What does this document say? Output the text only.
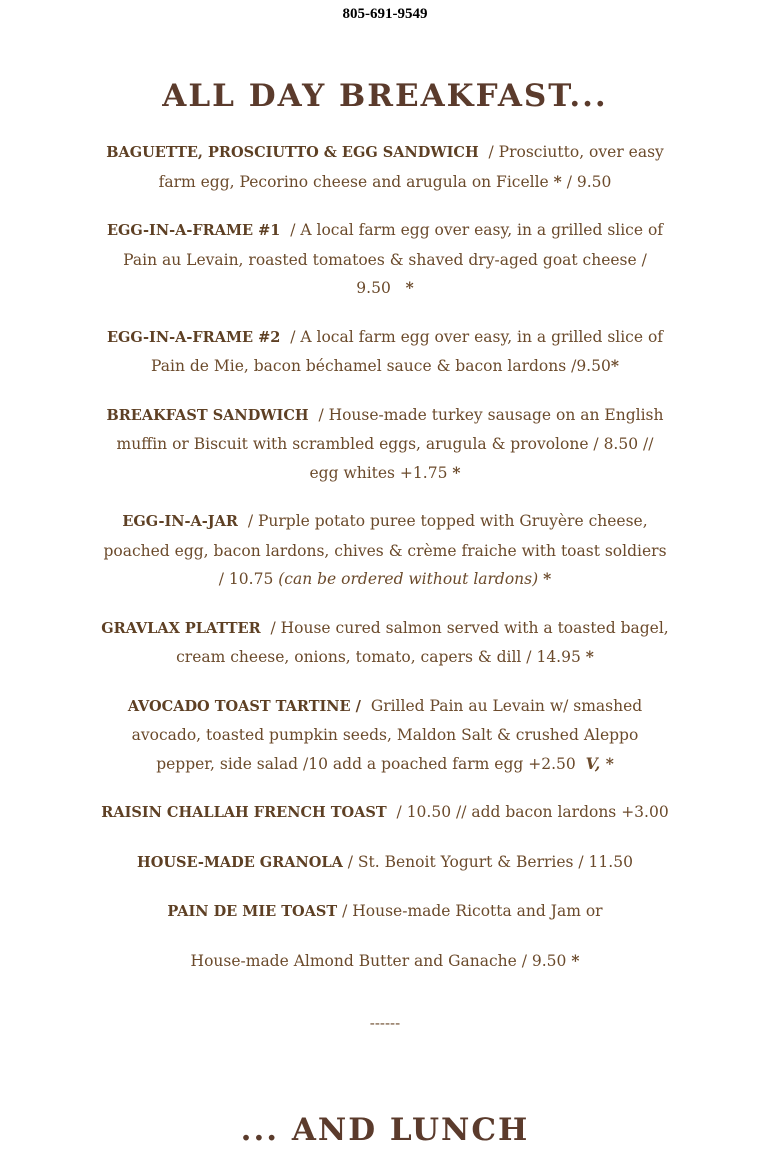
805-691-9549
ALL DAY BREAKFAST...

BAGUETTE, PROSCIUTTO & EGG SANDWICH / Prosciutto, over easy farm egg, Pecorino cheese and arugula on Ficelle * / 9.50

EGG-IN-A-FRAME #1 / A local farm egg over easy, in a grilled slice of Pain au Levain, roasted tomatoes & shaved dry-aged goat cheese / 9.50 *

EGG-IN-A-FRAME #2 / A local farm egg over easy, in a grilled slice of Pain de Mie, bacon béchamel sauce & bacon lardons /9.50*

BREAKFAST SANDWICH / House-made turkey sausage on an English muffin or Biscuit with scrambled eggs, arugula & provolone / 8.50 // egg whites +1.75 *

EGG-IN-A-JAR / Purple potato puree topped with Gruyère cheese, poached egg, bacon lardons, chives & crème fraiche with toast soldiers / 10.75 (can be ordered without lardons) *

GRAVLAX PLATTER / House cured salmon served with a toasted bagel, cream cheese, onions, tomato, capers & dill / 14.95 *

AVOCADO TOAST TARTINE / Grilled Pain au Levain w/ smashed avocado, toasted pumpkin seeds, Maldon Salt & crushed Aleppo pepper, side salad /10 add a poached farm egg +2.50 V, *

RAISIN CHALLAH FRENCH TOAST / 10.50 // add bacon lardons +3.00

HOUSE-MADE GRANOLA / St. Benoit Yogurt & Berries / 11.50

PAIN DE MIE TOAST / House-made Ricotta and Jam or

House-made Almond Butter and Ganache / 9.50 *

------
... AND LUNCH
